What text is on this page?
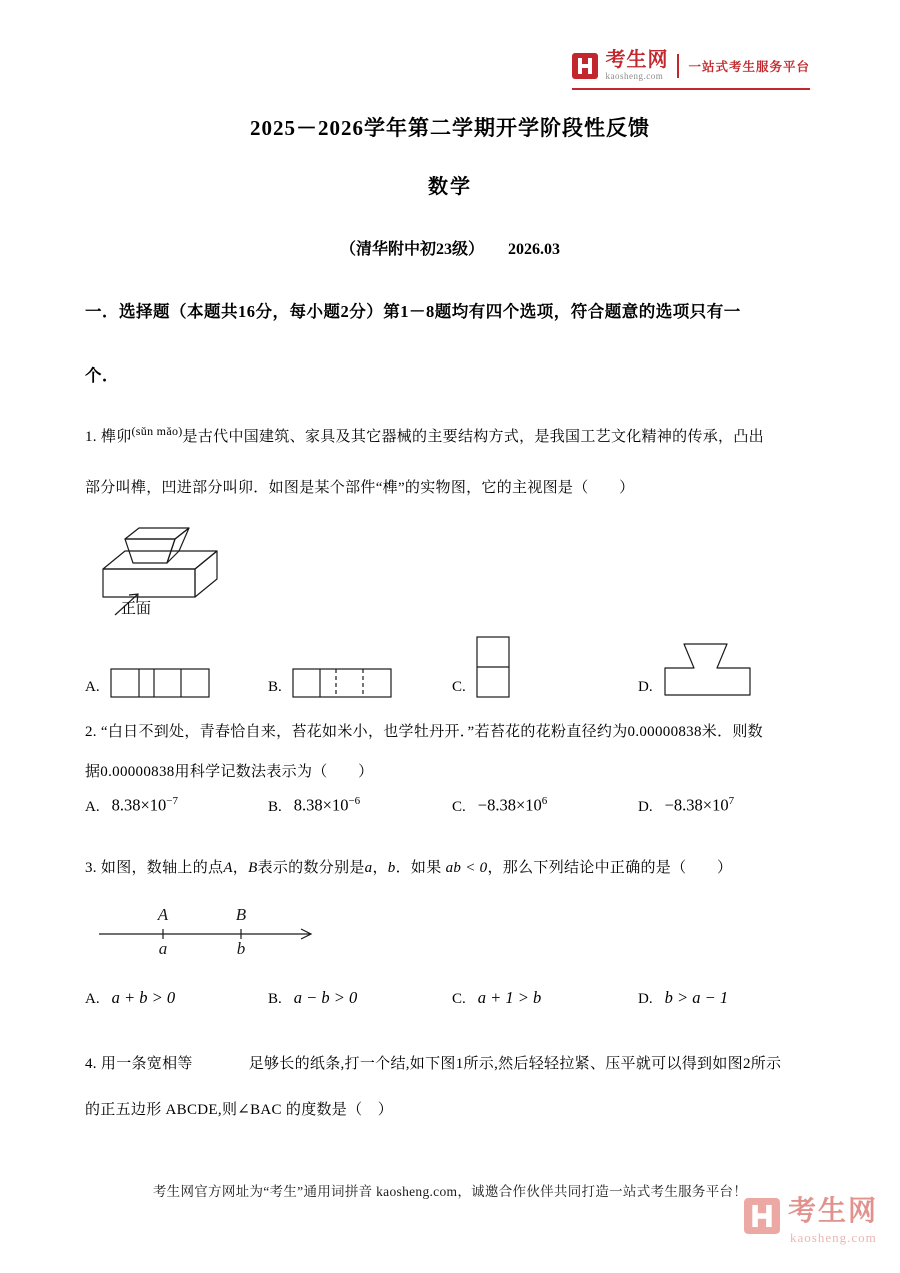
考生网
kaosheng.com
一站式考生服务平台
2025－2026学年第二学期开学阶段性反馈
数学
（清华附中初23级）　　2026.03
一．选择题（本题共16分，每小题2分）第1－8题均有四个选项，符合题意的选项只有一
个．
1. 榫卯$^{(sǔn mǎo)}$是古代中国建筑、家具及其它器械的主要结构方式，是我国工艺文化精神的传承，凸出
部分叫榫，凹进部分叫卯．如图是某个部件“榫”的实物图，它的主视图是（　　）
正面
A.	B.	C.	D.
2. “白日不到处，青春恰自来，苔花如米小，也学牡丹开．”若苔花的花粉直径约为0.00000838米．则数
据0.00000838用科学记数法表示为（　　）
A. $8.38\times 10^{-7}$	B. $8.38\times 10^{-6}$	C. $-8.38\times 10^6$	D. $-8.38\times 10^7$
3. 如图，数轴上的点A，B表示的数分别是a，b．如果 ab < 0，那么下列结论中正确的是（　　）
A	B
a	b
A. a + b > 0	B. a − b > 0	C. a + 1 > b	D. b > a − 1
4. 用一条宽相等	足够长的纸条,打一个结,如下图1所示,然后轻轻拉紧、压平就可以得到如图2所示
的正五边形 ABCDE,则∠BAC 的度数是（　）
考生网官方网址为“考生”通用词拼音 kaosheng.com，诚邀合作伙伴共同打造一站式考生服务平台！
考生网
kaosheng.com
